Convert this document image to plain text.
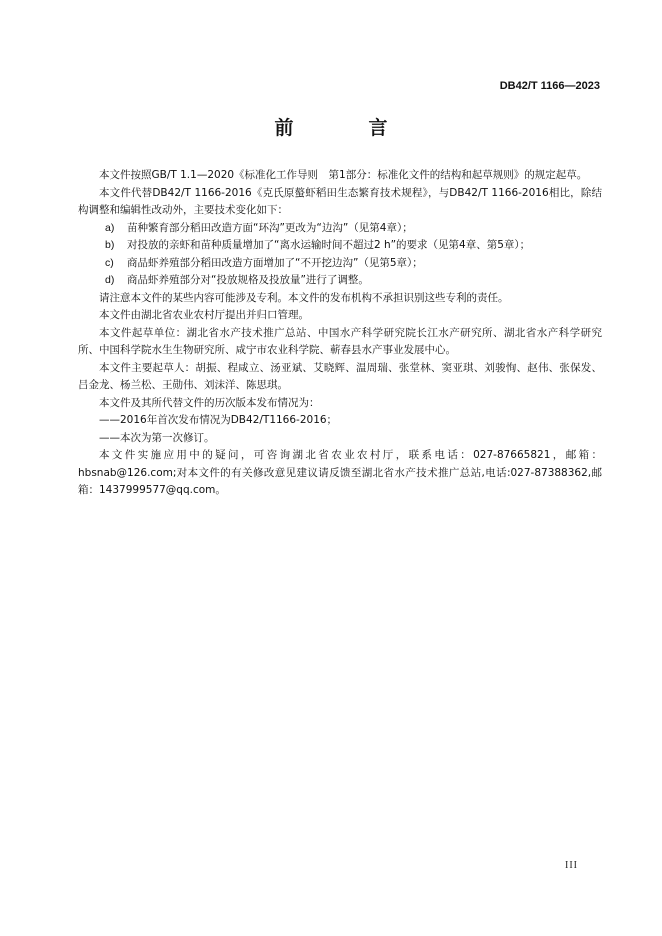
DB42/T 1166—2023
前　言

本文件按照GB/T 1.1—2020《标准化工作导则　第1部分：标准化文件的结构和起草规则》的规定起草。

本文件代替DB42/T 1166-2016《克氏原螯虾稻田生态繁育技术规程》，与DB42/T 1166-2016相比，除结构调整和编辑性改动外，主要技术变化如下：

a) 苗种繁育部分稻田改造方面“环沟”更改为“边沟”（见第4章）；

b) 对投放的亲虾和苗种质量增加了“离水运输时间不超过2 h”的要求（见第4章、第5章）；

c) 商品虾养殖部分稻田改造方面增加了“不开挖边沟”（见第5章）；

d) 商品虾养殖部分对“投放规格及投放量”进行了调整。

请注意本文件的某些内容可能涉及专利。本文件的发布机构不承担识别这些专利的责任。

本文件由湖北省农业农村厅提出并归口管理。

本文件起草单位：湖北省水产技术推广总站、中国水产科学研究院长江水产研究所、湖北省水产科学研究所、中国科学院水生生物研究所、咸宁市农业科学院、蕲春县水产事业发展中心。

本文件主要起草人：胡振、程咸立、汤亚斌、艾晓辉、温周瑞、张堂林、窦亚琪、刘骏恂、赵伟、张保发、吕金龙、杨兰松、王勋伟、刘沫洋、陈思琪。

本文件及其所代替文件的历次版本发布情况为：

——2016年首次发布情况为DB42/T1166-2016；

——本次为第一次修订。

本文件实施应用中的疑问，可咨询湖北省农业农村厅，联系电话：027-87665821，邮箱：hbsnab@126.com;对本文件的有关修改意见建议请反馈至湖北省水产技术推广总站,电话:027-87388362,邮箱：1437999577@qq.com。

III
